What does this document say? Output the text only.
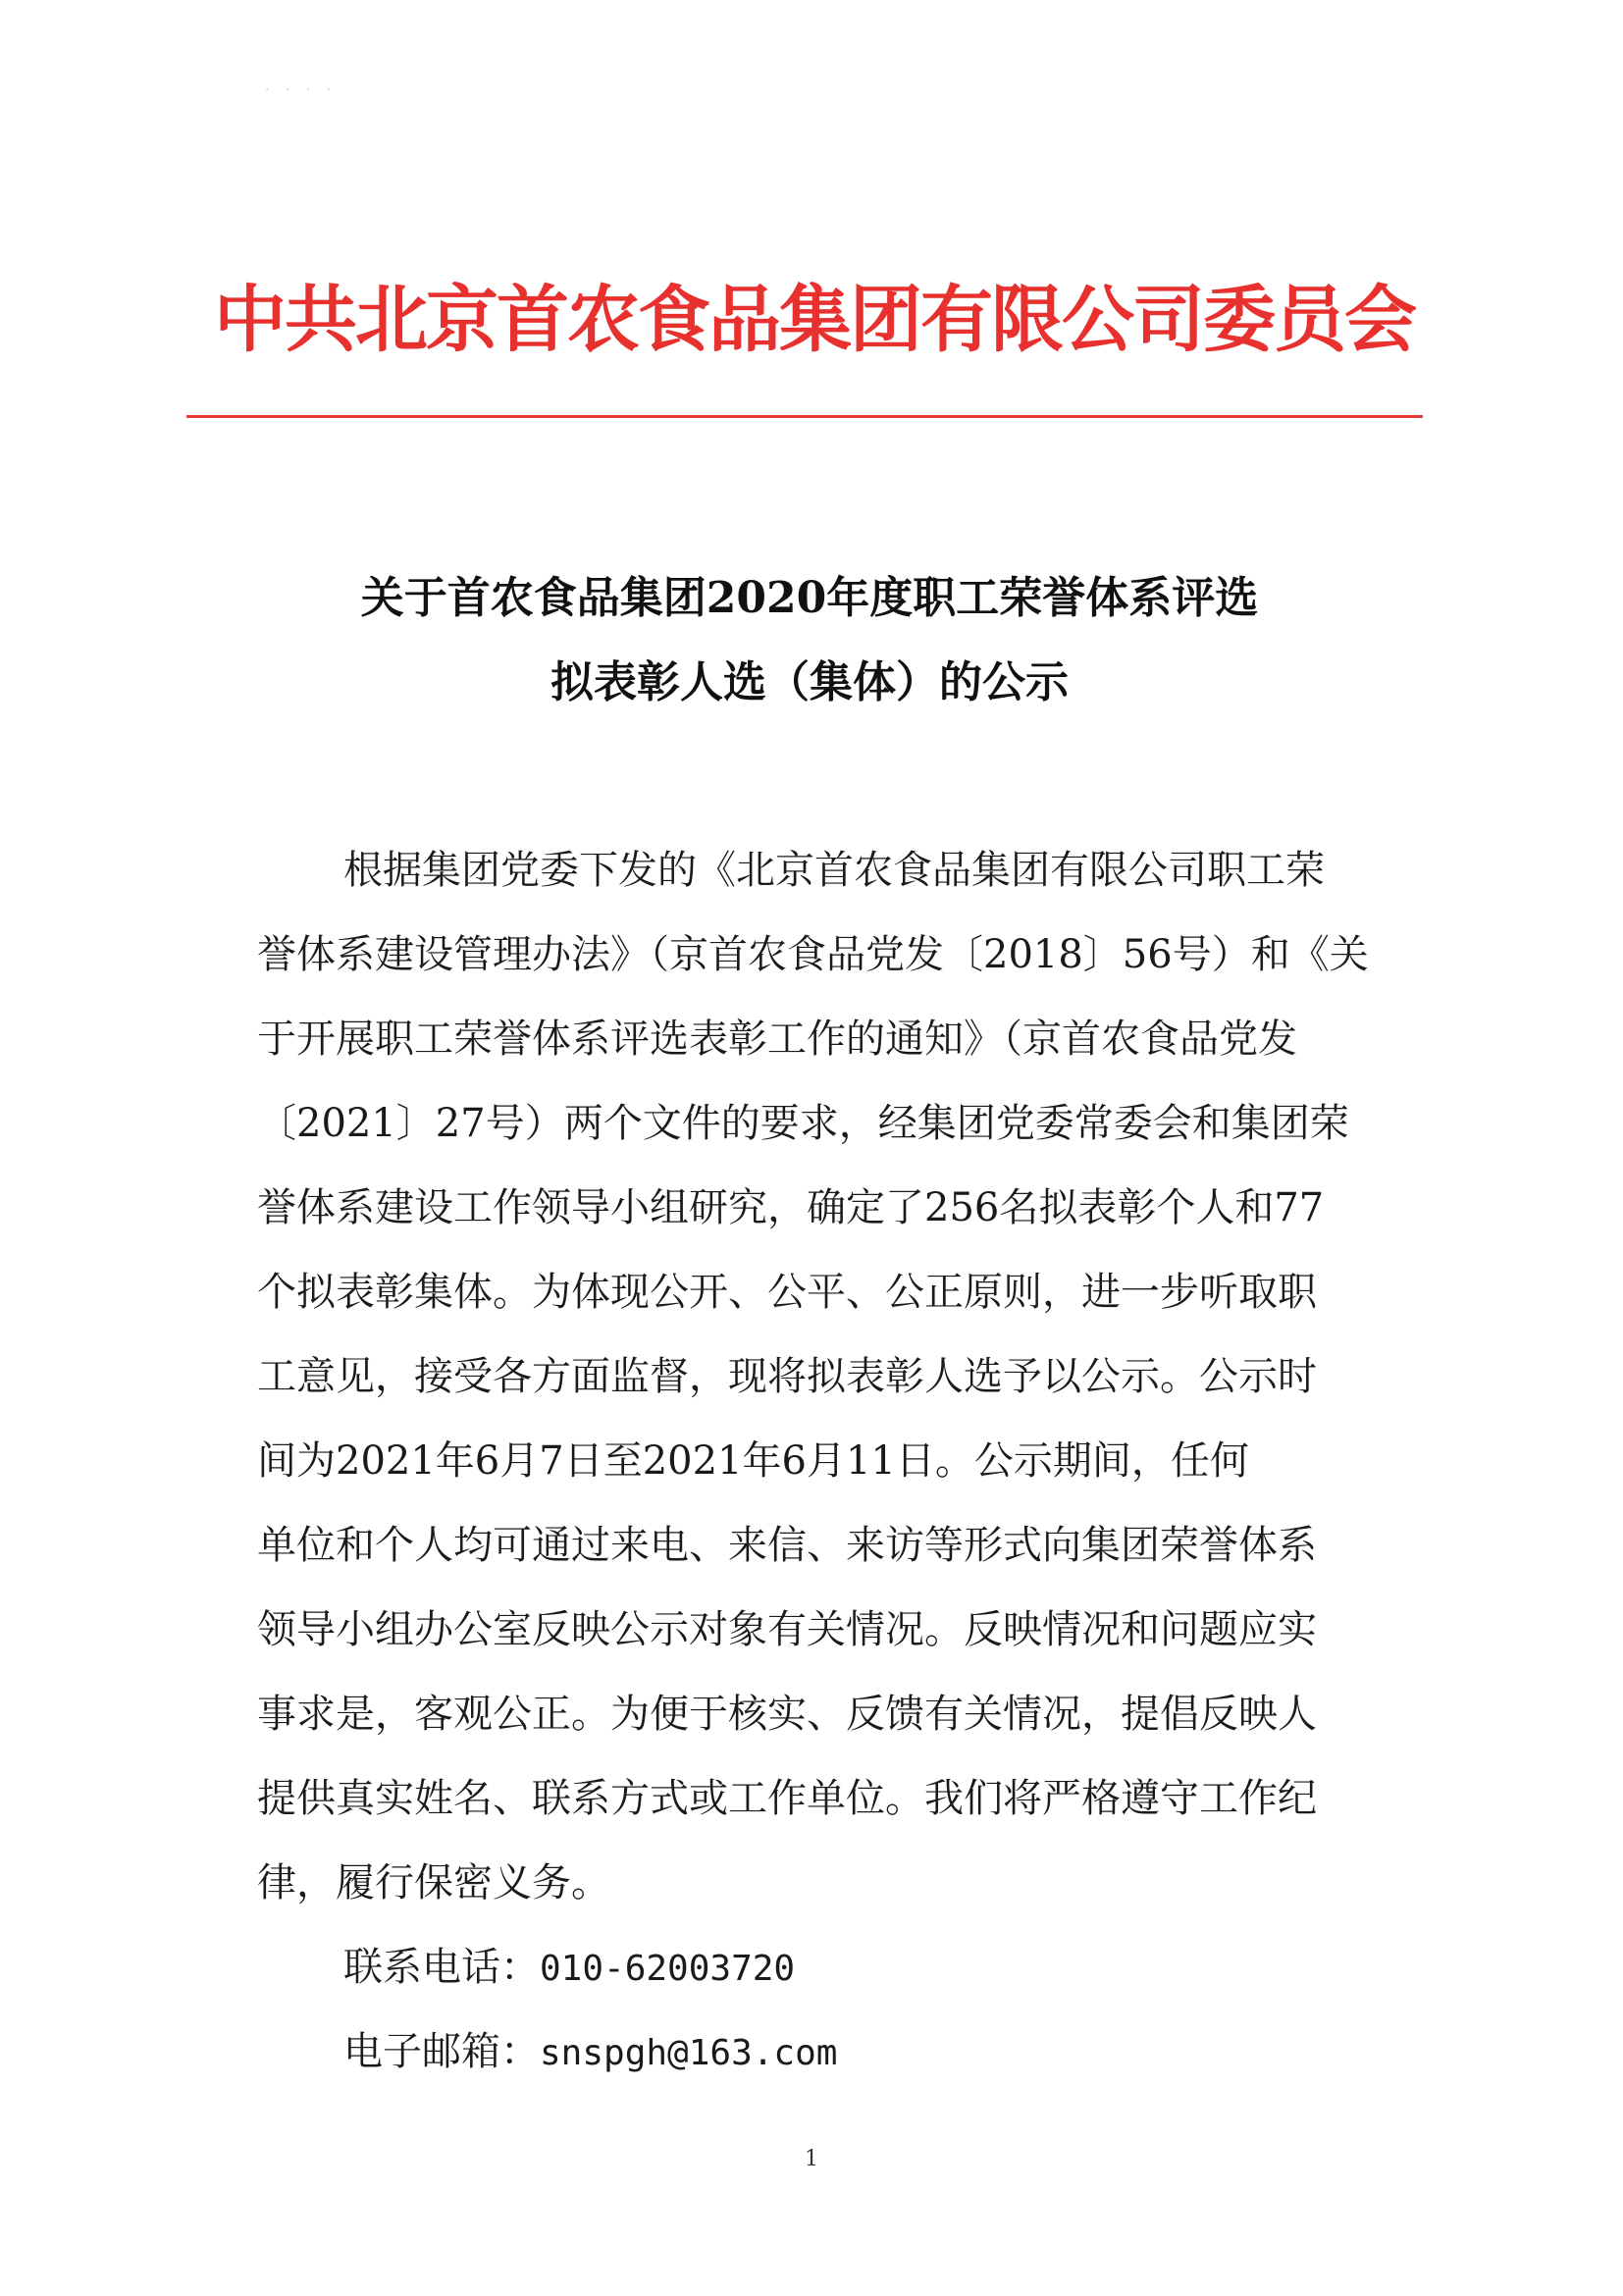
· · · ·
中共北京首农食品集团有限公司委员会
关于首农食品集团2020年度职工荣誉体系评选
拟表彰人选（集体）的公示
根据集团党委下发的《北京首农食品集团有限公司职工荣
誉体系建设管理办法》（京首农食品党发〔2018〕56号）和《关
于开展职工荣誉体系评选表彰工作的通知》（京首农食品党发
〔2021〕27号）两个文件的要求，经集团党委常委会和集团荣
誉体系建设工作领导小组研究，确定了256名拟表彰个人和77
个拟表彰集体。为体现公开、公平、公正原则，进一步听取职
工意见，接受各方面监督，现将拟表彰人选予以公示。公示时
间为2021年6月7日至2021年6月11日。公示期间，任何
单位和个人均可通过来电、来信、来访等形式向集团荣誉体系
领导小组办公室反映公示对象有关情况。反映情况和问题应实
事求是，客观公正。为便于核实、反馈有关情况，提倡反映人
提供真实姓名、联系方式或工作单位。我们将严格遵守工作纪
律，履行保密义务。
联系电话：010-62003720
电子邮箱：snspgh@163.com
1
